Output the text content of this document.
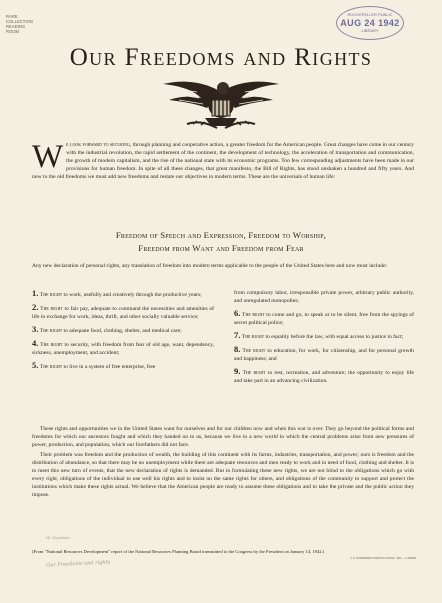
RARE
COLLECTION
READING
ROOM
ROCKEFELLER PUBLIC
AUG 24 1942
LIBRARY
Our Freedoms and Rights
We look forward to securing, through planning and cooperative action, a greater freedom for the American people. Great changes have come in our century with the industrial revolution, the rapid settlement of the continent, the development of technology, the acceleration of transportation and communication, the growth of modern capitalism, and the rise of the national state with its economic programs. Too few corresponding adjustments have been made in our provisions for human freedom. In spite of all these changes, that great manifesto, the Bill of Rights, has stood unshaken a hundred and fifty years. And now to the old freedoms we must add new freedoms and restate our objectives in modern terms. These are the universals of human life:
Freedom of Speech and Expression, Freedom to Worship,
Freedom from Want and Freedom from Fear
Any new declaration of personal rights, any translation of freedom into modern terms applicable to the people of the United States here and now must include:
1. The right to work, usefully and creatively through the productive years;
2. The right to fair pay, adequate to command the necessities and amenities of life in exchange for work, ideas, thrift, and other socially valuable service;
3. The right to adequate food, clothing, shelter, and medical care;
4. The right to security, with freedom from fear of old age, want, dependency, sickness, unemployment, and accident;
5. The right to live in a system of free enterprise, free
from compulsory labor, irresponsible private power, arbitrary public authority, and unregulated monopolies;
6. The right to come and go, to speak or to be silent, free from the spyings of secret political police;
7. The right to equality before the law, with equal access to justice in fact;
8. The right to education, for work, for citizenship, and for personal growth and happiness; and
9. The right to rest, recreation, and adventure; the opportunity to enjoy life and take part in an advancing civilization.

These rights and opportunities we in the United States want for ourselves and for our children now and when this war is over. They go beyond the political forms and freedoms for which our ancestors fought and which they handed on to us, because we live in a new world in which the central problems arise from new pressures of power, production, and population, which our forefathers did not face.

Their problem was freedom and the production of wealth, the building of this continent with its farms, industries, transportation, and power; ours is freedom and the distribution of abundance, so that there may be no unemployment while there are adequate resources and men ready to work and in need of food, clothing and shelter. It is to meet this new turn of events, that the new declaration of rights is demanded. But in formulating these new rights, we are not blind to the obligations which go with every right, obligations of the individual to use well his rights and to insist on the same rights for others, and obligations of the community to support and protect the institutions which make these rights actual. We believe that the American people are ready to assume these obligations and to take the private and the public action they impose.

W. Goodwin
(From "National Resources Development" report of the National Resources Planning Board transmitted to the Congress by the President on January 14, 1942.)
U.S. GOVERNMENT PRINTING OFFICE : 1942 — O-000000
Our Freedoms and rights
